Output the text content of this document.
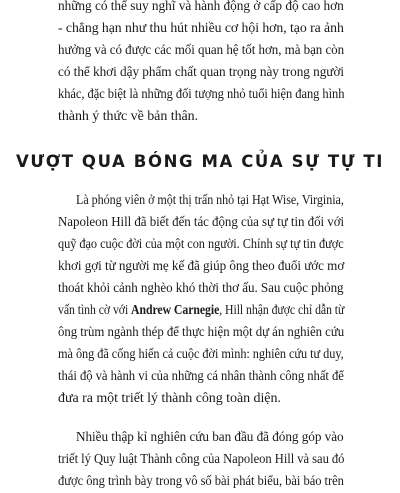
những có thể suy nghĩ và hành động ở cấp độ cao hơn
- chẳng hạn như thu hút nhiều cơ hội hơn, tạo ra ảnh
hưởng và có được các mối quan hệ tốt hơn, mà bạn còn
có thể khơi dậy phẩm chất quan trọng này trong người
khác, đặc biệt là những đối tượng nhỏ tuổi hiện đang hình
thành ý thức về bản thân.
VƯỢT QUA BÓNG MA CỦA SỰ TỰ TI
Là phóng viên ở một thị trấn nhỏ tại Hạt Wise, Virginia,
Napoleon Hill đã biết đến tác động của sự tự tin đối với
quỹ đạo cuộc đời của một con người. Chính sự tự tin được
khơi gợi từ người mẹ kế đã giúp ông theo đuổi ước mơ
thoát khỏi cảnh nghèo khó thời thơ ấu. Sau cuộc phỏng
vấn tình cờ với Andrew Carnegie, Hill nhận được chỉ dẫn từ
ông trùm ngành thép để thực hiện một dự án nghiên cứu
mà ông đã cống hiến cả cuộc đời mình: nghiên cứu tư duy,
thái độ và hành vi của những cá nhân thành công nhất để
đưa ra một triết lý thành công toàn diện.
Nhiều thập kỉ nghiên cứu ban đầu đã đóng góp vào
triết lý Quy luật Thành công của Napoleon Hill và sau đó
được ông trình bày trong vô số bài phát biểu, bài báo trên
